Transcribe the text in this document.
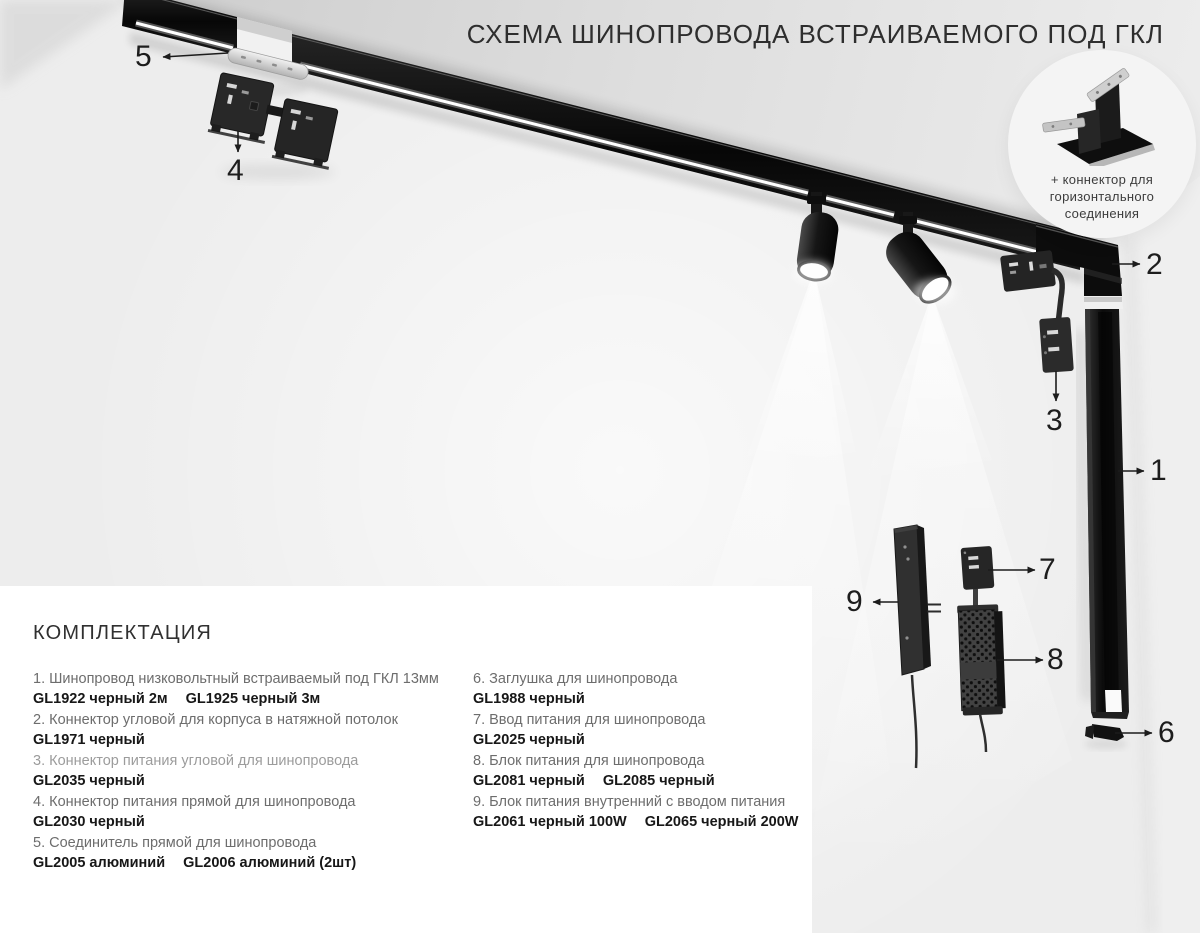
СХЕМА ШИНОПРОВОДА ВСТРАИВАЕМОГО ПОД ГКЛ
+ коннектор для
горизонтального
соединения
1
2
3
4
5
6
7
8
9 =
КОМПЛЕКТАЦИЯ
1. Шинопровод низковольтный встраиваемый под ГКЛ 13мм
GL1922 черный 2м GL1925 черный 3м
2. Коннектор угловой для корпуса в натяжной потолок
GL1971 черный
3. Коннектор питания угловой для шинопровода
GL2035 черный
4. Коннектор питания прямой для шинопровода
GL2030 черный
5. Соединитель прямой для шинопровода
GL2005 алюминий GL2006 алюминий (2шт)
6. Заглушка для шинопровода
GL1988 черный
7. Ввод питания для шинопровода
GL2025 черный
8. Блок питания для шинопровода
GL2081 черный GL2085 черный
9. Блок питания внутренний с вводом питания
GL2061 черный 100W GL2065 черный 200W
